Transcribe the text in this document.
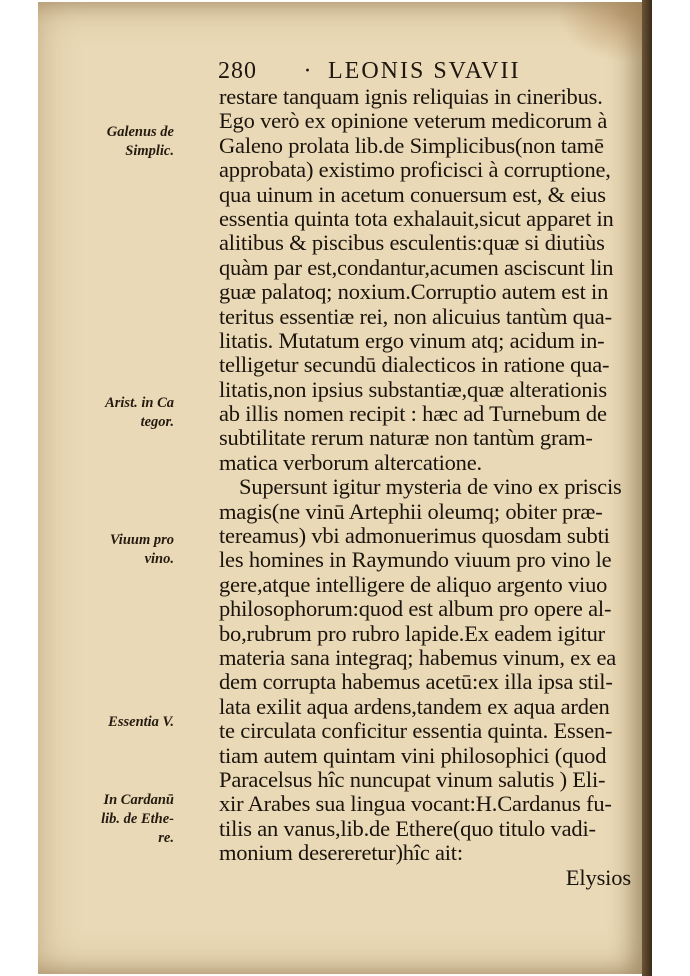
280 · LEONIS SVAVII
Galenus de
Simplic.
Arist. in Ca
tegor.
Viuum pro
vino.
Essentia V.
In Cardanū
lib. de Ethe-
re.
restare tanquam ignis reliquias in cineribus.
Ego verò ex opinione veterum medicorum à
Galeno prolata lib.de Simplicibus(non tamē
approbata) existimo proficisci à corruptione,
qua uinum in acetum conuersum est, & eius
essentia quinta tota exhalauit,sicut apparet in
alitibus & piscibus esculentis:quæ si diutiùs
quàm par est,condantur,acumen asciscunt lin
guæ palatoq; noxium.Corruptio autem est in
teritus essentiæ rei, non alicuius tantùm qua-
litatis. Mutatum ergo vinum atq; acidum in-
telligetur secundū dialecticos in ratione qua-
litatis,non ipsius substantiæ,quæ alterationis
ab illis nomen recipit : hæc ad Turnebum de
subtilitate rerum naturæ non tantùm gram-
matica verborum altercatione.
Supersunt igitur mysteria de vino ex priscis
magis(ne vinū Artephii oleumq; obiter præ-
tereamus) vbi admonuerimus quosdam subti
les homines in Raymundo viuum pro vino le
gere,atque intelligere de aliquo argento viuo
philosophorum:quod est album pro opere al-
bo,rubrum pro rubro lapide.Ex eadem igitur
materia sana integraq; habemus vinum, ex ea
dem corrupta habemus acetū:ex illa ipsa stil-
lata exilit aqua ardens,tandem ex aqua arden
te circulata conficitur essentia quinta. Essen-
tiam autem quintam vini philosophici (quod
Paracelsus hîc nuncupat vinum salutis ) Eli-
xir Arabes sua lingua vocant:H.Cardanus fu-
tilis an vanus,lib.de Ethere(quo titulo vadi-
monium desereretur)hîc ait:
Elysios
